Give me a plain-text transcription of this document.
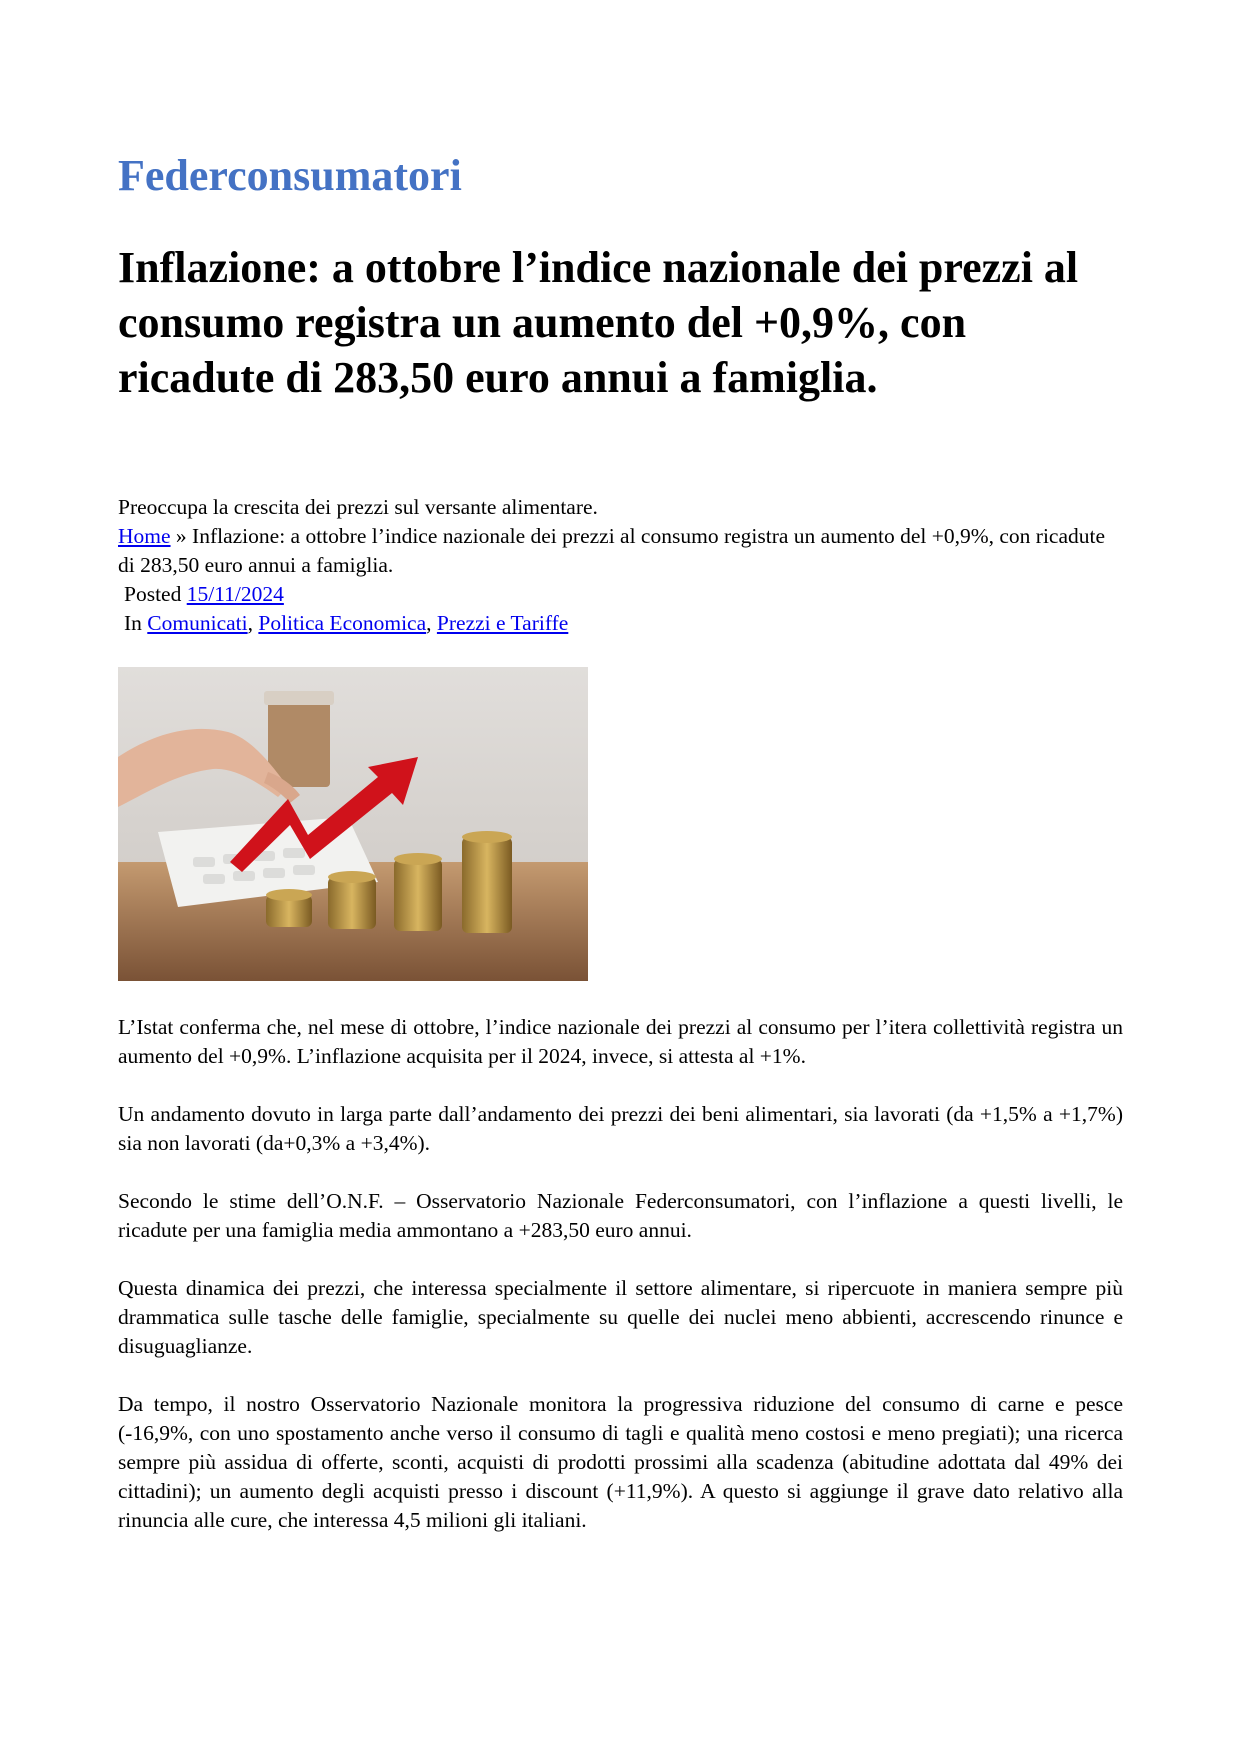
Federconsumatori
Inflazione: a ottobre l’indice nazionale dei prezzi al consumo registra un aumento del +0,9%, con ricadute di 283,50 euro annui a famiglia.

Preoccupa la crescita dei prezzi sul versante alimentare.

Home » Inflazione: a ottobre l’indice nazionale dei prezzi al consumo registra un aumento del +0,9%, con ricadute di 283,50 euro annui a famiglia.

Posted 15/11/2024

In Comunicati, Politica Economica, Prezzi e Tariffe

L’Istat conferma che, nel mese di ottobre, l’indice nazionale dei prezzi al consumo per l’itera collettività registra un aumento del +0,9%. L’inflazione acquisita per il 2024, invece, si attesta al +1%.

Un andamento dovuto in larga parte dall’andamento dei prezzi dei beni alimentari, sia lavorati (da +1,5% a +1,7%) sia non lavorati (da+0,3% a +3,4%).

Secondo le stime dell’O.N.F. – Osservatorio Nazionale Federconsumatori, con l’inflazione a questi livelli, le ricadute per una famiglia media ammontano a +283,50 euro annui.

Questa dinamica dei prezzi, che interessa specialmente il settore alimentare, si ripercuote in maniera sempre più drammatica sulle tasche delle famiglie, specialmente su quelle dei nuclei meno abbienti, accrescendo rinunce e disuguaglianze.

Da tempo, il nostro Osservatorio Nazionale monitora la progressiva riduzione del consumo di carne e pesce (-16,9%, con uno spostamento anche verso il consumo di tagli e qualità meno costosi e meno pregiati); una ricerca sempre più assidua di offerte, sconti, acquisti di prodotti prossimi alla scadenza (abitudine adottata dal 49% dei cittadini); un aumento degli acquisti presso i discount (+11,9%). A questo si aggiunge il grave dato relativo alla rinuncia alle cure, che interessa 4,5 milioni gli italiani.
